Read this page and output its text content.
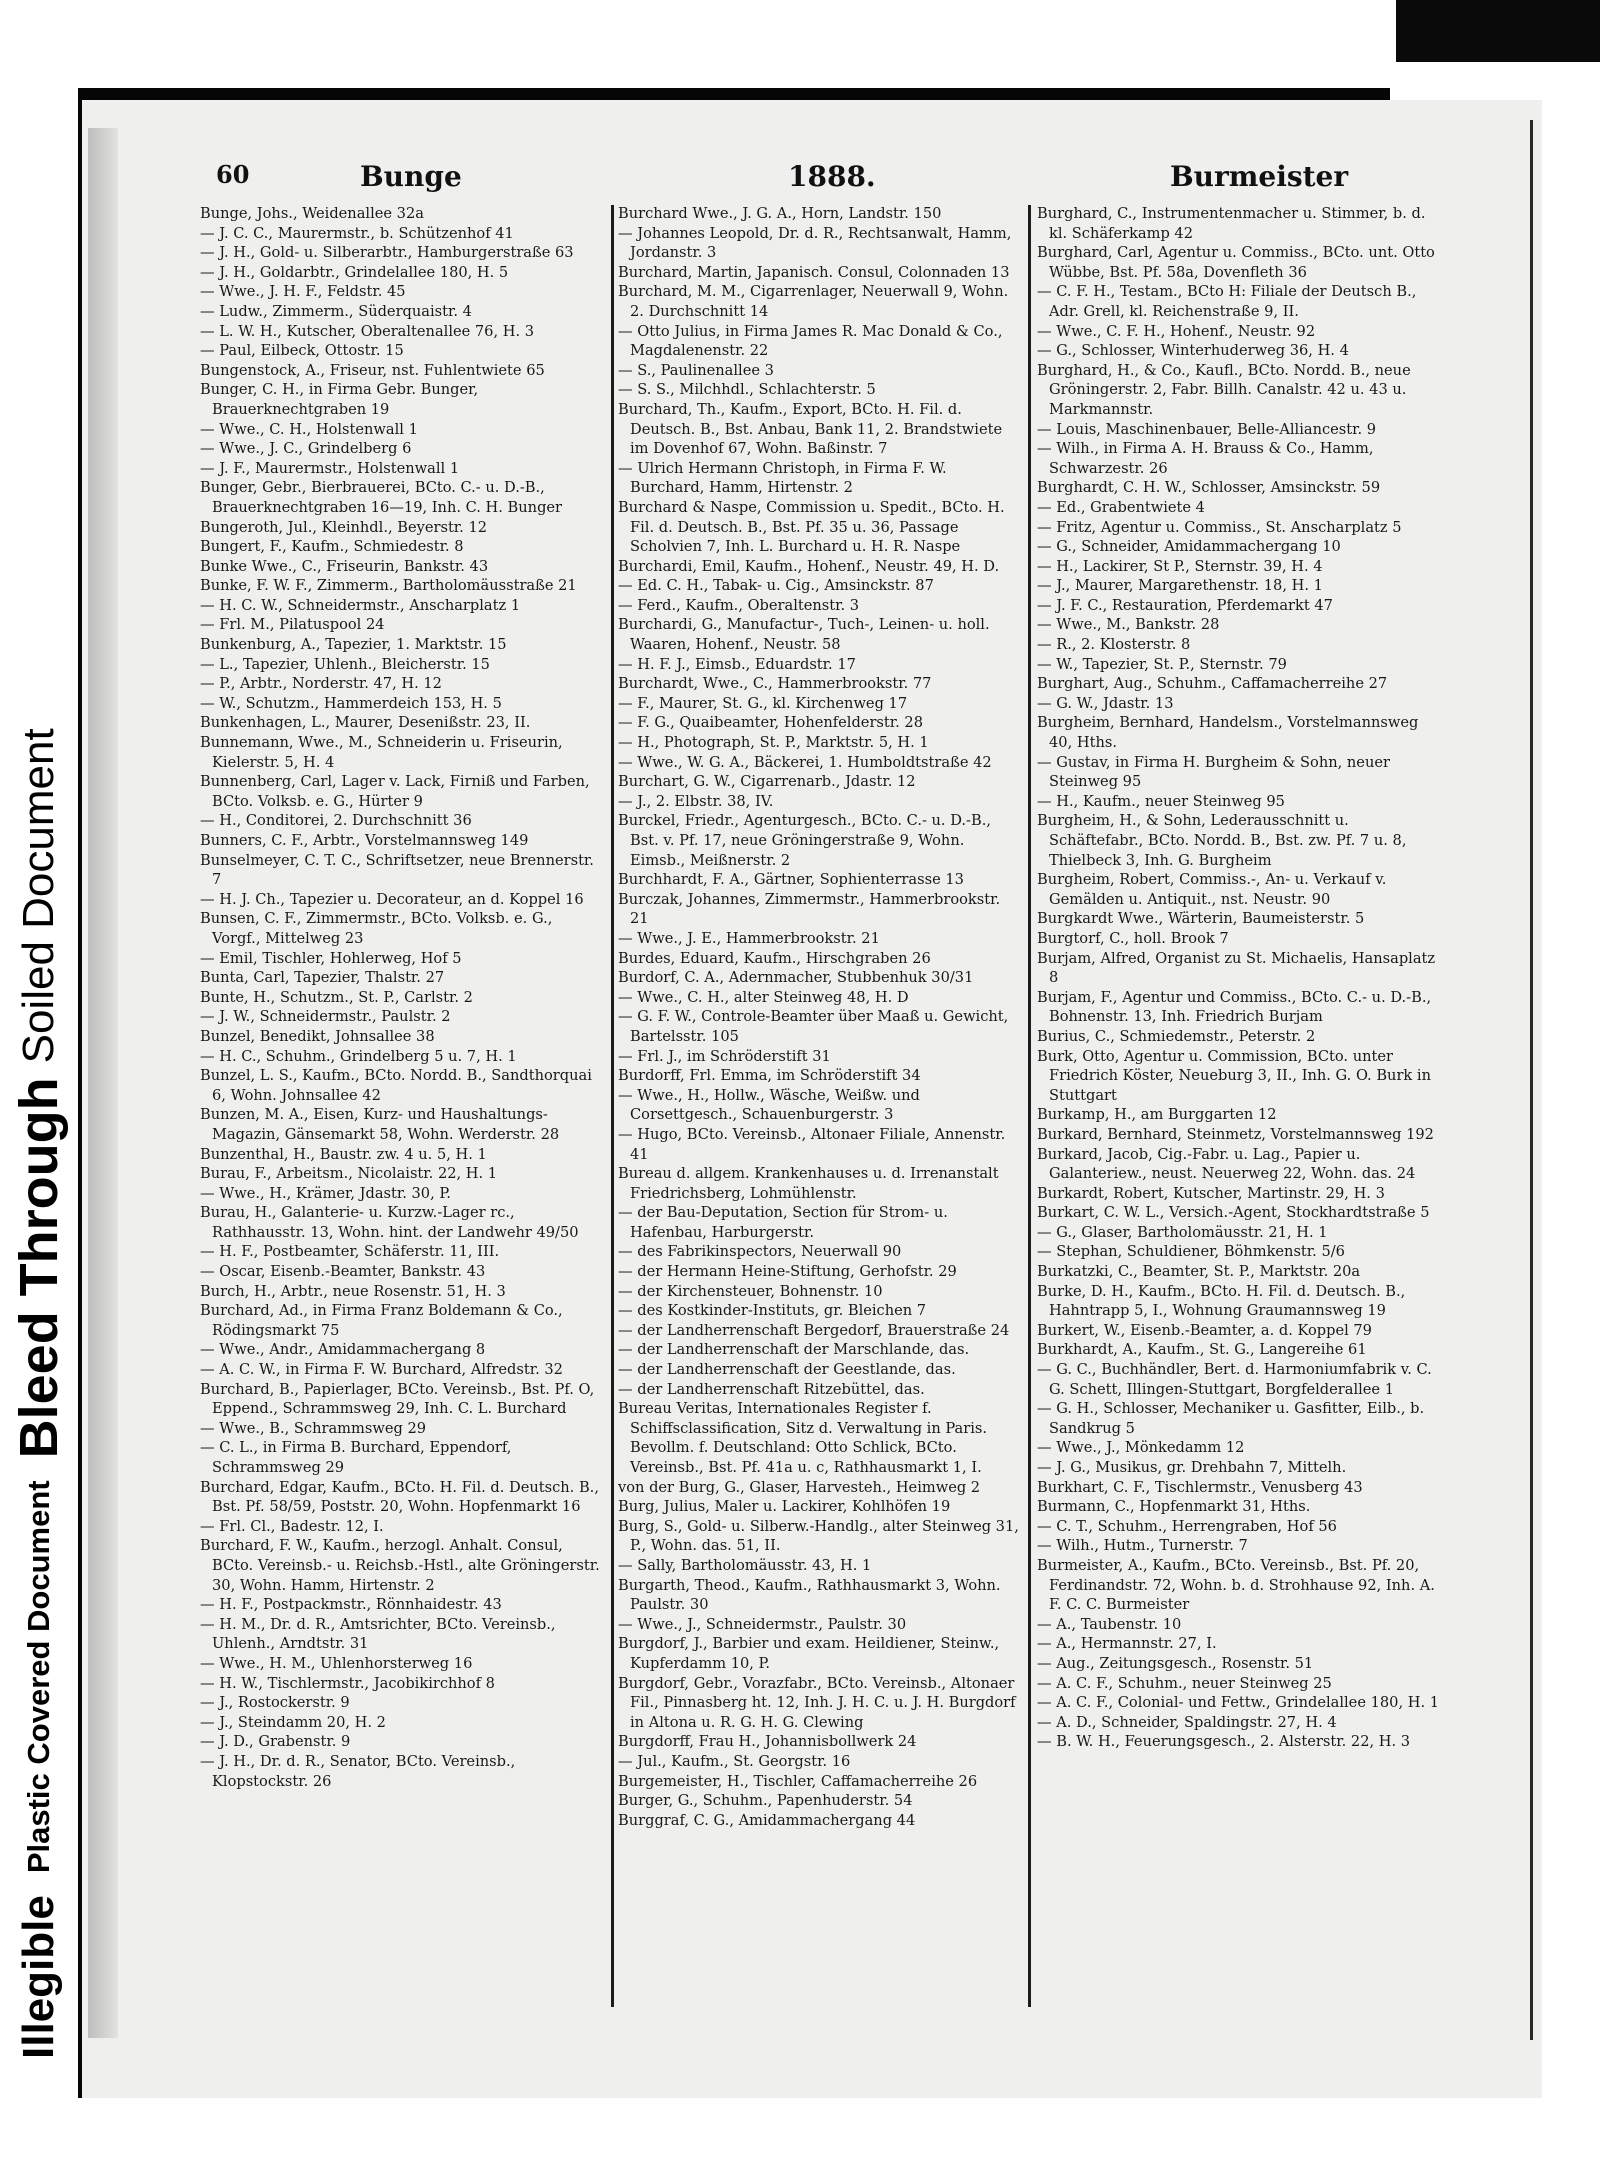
Illegible
Plastic Covered Document
Bleed Through
Soiled Document
60	Bunge	1888.	Burmeister
Bunge, Johs., Weidenallee 32a
— J. C. C., Maurermstr., b. Schützenhof 41
— J. H., Gold- u. Silberarbtr., Hamburgerstraße 63
— J. H., Goldarbtr., Grindelallee 180, H. 5
— Wwe., J. H. F., Feldstr. 45
— Ludw., Zimmerm., Süderquaistr. 4
— L. W. H., Kutscher, Oberaltenallee 76, H. 3
— Paul, Eilbeck, Ottostr. 15
Bungenstock, A., Friseur, nst. Fuhlentwiete 65
Bunger, C. H., in Firma Gebr. Bunger, Brauerknechtgraben 19
— Wwe., C. H., Holstenwall 1
— Wwe., J. C., Grindelberg 6
— J. F., Maurermstr., Holstenwall 1
Bunger, Gebr., Bierbrauerei, BCto. C.- u. D.-B., Brauerknechtgraben 16—19, Inh. C. H. Bunger
Bungeroth, Jul., Kleinhdl., Beyerstr. 12
Bungert, F., Kaufm., Schmiedestr. 8
Bunke Wwe., C., Friseurin, Bankstr. 43
Bunke, F. W. F., Zimmerm., Bartholomäusstraße 21
— H. C. W., Schneidermstr., Anscharplatz 1
— Frl. M., Pilatuspool 24
Bunkenburg, A., Tapezier, 1. Marktstr. 15
— L., Tapezier, Uhlenh., Bleicherstr. 15
— P., Arbtr., Norderstr. 47, H. 12
— W., Schutzm., Hammerdeich 153, H. 5
Bunkenhagen, L., Maurer, Desenißstr. 23, II.
Bunnemann, Wwe., M., Schneiderin u. Friseurin, Kielerstr. 5, H. 4
Bunnenberg, Carl, Lager v. Lack, Firniß und Farben, BCto. Volksb. e. G., Hürter 9
— H., Conditorei, 2. Durchschnitt 36
Bunners, C. F., Arbtr., Vorstelmannsweg 149
Bunselmeyer, C. T. C., Schriftsetzer, neue Brennerstr. 7
— H. J. Ch., Tapezier u. Decorateur, an d. Koppel 16
Bunsen, C. F., Zimmermstr., BCto. Volksb. e. G., Vorgf., Mittelweg 23
— Emil, Tischler, Hohlerweg, Hof 5
Bunta, Carl, Tapezier, Thalstr. 27
Bunte, H., Schutzm., St. P., Carlstr. 2
— J. W., Schneidermstr., Paulstr. 2
Bunzel, Benedikt, Johnsallee 38
— H. C., Schuhm., Grindelberg 5 u. 7, H. 1
Bunzel, L. S., Kaufm., BCto. Nordd. B., Sandthorquai 6, Wohn. Johnsallee 42
Bunzen, M. A., Eisen, Kurz- und Haushaltungs-Magazin, Gänsemarkt 58, Wohn. Werderstr. 28
Bunzenthal, H., Baustr. zw. 4 u. 5, H. 1
Burau, F., Arbeitsm., Nicolaistr. 22, H. 1
— Wwe., H., Krämer, Jdastr. 30, P.
Burau, H., Galanterie- u. Kurzw.-Lager rc., Rathhausstr. 13, Wohn. hint. der Landwehr 49/50
— H. F., Postbeamter, Schäferstr. 11, III.
— Oscar, Eisenb.-Beamter, Bankstr. 43
Burch, H., Arbtr., neue Rosenstr. 51, H. 3
Burchard, Ad., in Firma Franz Boldemann & Co., Rödingsmarkt 75
— Wwe., Andr., Amidammachergang 8
— A. C. W., in Firma F. W. Burchard, Alfredstr. 32
Burchard, B., Papierlager, BCto. Vereinsb., Bst. Pf. O, Eppend., Schrammsweg 29, Inh. C. L. Burchard
— Wwe., B., Schrammsweg 29
— C. L., in Firma B. Burchard, Eppendorf, Schrammsweg 29
Burchard, Edgar, Kaufm., BCto. H. Fil. d. Deutsch. B., Bst. Pf. 58/59, Poststr. 20, Wohn. Hopfenmarkt 16
— Frl. Cl., Badestr. 12, I.
Burchard, F. W., Kaufm., herzogl. Anhalt. Consul, BCto. Vereinsb.- u. Reichsb.-Hstl., alte Gröningerstr. 30, Wohn. Hamm, Hirtenstr. 2
— H. F., Postpackmstr., Rönnhaidestr. 43
— H. M., Dr. d. R., Amtsrichter, BCto. Vereinsb., Uhlenh., Arndtstr. 31
— Wwe., H. M., Uhlenhorsterweg 16
— H. W., Tischlermstr., Jacobikirchhof 8
— J., Rostockerstr. 9
— J., Steindamm 20, H. 2
— J. D., Grabenstr. 9
— J. H., Dr. d. R., Senator, BCto. Vereinsb., Klopstockstr. 26
Burchard Wwe., J. G. A., Horn, Landstr. 150
— Johannes Leopold, Dr. d. R., Rechtsanwalt, Hamm, Jordanstr. 3
Burchard, Martin, Japanisch. Consul, Colonnaden 13
Burchard, M. M., Cigarrenlager, Neuerwall 9, Wohn. 2. Durchschnitt 14
— Otto Julius, in Firma James R. Mac Donald & Co., Magdalenenstr. 22
— S., Paulinenallee 3
— S. S., Milchhdl., Schlachterstr. 5
Burchard, Th., Kaufm., Export, BCto. H. Fil. d. Deutsch. B., Bst. Anbau, Bank 11, 2. Brandstwiete im Dovenhof 67, Wohn. Baßinstr. 7
— Ulrich Hermann Christoph, in Firma F. W. Burchard, Hamm, Hirtenstr. 2
Burchard & Naspe, Commission u. Spedit., BCto. H. Fil. d. Deutsch. B., Bst. Pf. 35 u. 36, Passage Scholvien 7, Inh. L. Burchard u. H. R. Naspe
Burchardi, Emil, Kaufm., Hohenf., Neustr. 49, H. D.
— Ed. C. H., Tabak- u. Cig., Amsinckstr. 87
— Ferd., Kaufm., Oberaltenstr. 3
Burchardi, G., Manufactur-, Tuch-, Leinen- u. holl. Waaren, Hohenf., Neustr. 58
— H. F. J., Eimsb., Eduardstr. 17
Burchardt, Wwe., C., Hammerbrookstr. 77
— F., Maurer, St. G., kl. Kirchenweg 17
— F. G., Quaibeamter, Hohenfelderstr. 28
— H., Photograph, St. P., Marktstr. 5, H. 1
— Wwe., W. G. A., Bäckerei, 1. Humboldtstraße 42
Burchart, G. W., Cigarrenarb., Jdastr. 12
— J., 2. Elbstr. 38, IV.
Burckel, Friedr., Agenturgesch., BCto. C.- u. D.-B., Bst. v. Pf. 17, neue Gröningerstraße 9, Wohn. Eimsb., Meißnerstr. 2
Burchhardt, F. A., Gärtner, Sophienterrasse 13
Burczak, Johannes, Zimmermstr., Hammerbrookstr. 21
— Wwe., J. E., Hammerbrookstr. 21
Burdes, Eduard, Kaufm., Hirschgraben 26
Burdorf, C. A., Adernmacher, Stubbenhuk 30/31
— Wwe., C. H., alter Steinweg 48, H. D
— G. F. W., Controle-Beamter über Maaß u. Gewicht, Bartelsstr. 105
— Frl. J., im Schröderstift 31
Burdorff, Frl. Emma, im Schröderstift 34
— Wwe., H., Hollw., Wäsche, Weißw. und Corsettgesch., Schauenburgerstr. 3
— Hugo, BCto. Vereinsb., Altonaer Filiale, Annenstr. 41
Bureau d. allgem. Krankenhauses u. d. Irrenanstalt Friedrichsberg, Lohmühlenstr.
— der Bau-Deputation, Section für Strom- u. Hafenbau, Harburgerstr.
— des Fabrikinspectors, Neuerwall 90
— der Hermann Heine-Stiftung, Gerhofstr. 29
— der Kirchensteuer, Bohnenstr. 10
— des Kostkinder-Instituts, gr. Bleichen 7
— der Landherrenschaft Bergedorf, Brauerstraße 24
— der Landherrenschaft der Marschlande, das.
— der Landherrenschaft der Geestlande, das.
— der Landherrenschaft Ritzebüttel, das.
Bureau Veritas, Internationales Register f. Schiffsclassification, Sitz d. Verwaltung in Paris. Bevollm. f. Deutschland: Otto Schlick, BCto. Vereinsb., Bst. Pf. 41a u. c, Rathhausmarkt 1, I.
von der Burg, G., Glaser, Harvesteh., Heimweg 2
Burg, Julius, Maler u. Lackirer, Kohlhöfen 19
Burg, S., Gold- u. Silberw.-Handlg., alter Steinweg 31, P., Wohn. das. 51, II.
— Sally, Bartholomäusstr. 43, H. 1
Burgarth, Theod., Kaufm., Rathhausmarkt 3, Wohn. Paulstr. 30
— Wwe., J., Schneidermstr., Paulstr. 30
Burgdorf, J., Barbier und exam. Heildiener, Steinw., Kupferdamm 10, P.
Burgdorf, Gebr., Vorazfabr., BCto. Vereinsb., Altonaer Fil., Pinnasberg ht. 12, Inh. J. H. C. u. J. H. Burgdorf in Altona u. R. G. H. G. Clewing
Burgdorff, Frau H., Johannisbollwerk 24
— Jul., Kaufm., St. Georgstr. 16
Burgemeister, H., Tischler, Caffamacherreihe 26
Burger, G., Schuhm., Papenhuderstr. 54
Burggraf, C. G., Amidammachergang 44
Burghard, C., Instrumentenmacher u. Stimmer, b. d. kl. Schäferkamp 42
Burghard, Carl, Agentur u. Commiss., BCto. unt. Otto Wübbe, Bst. Pf. 58a, Dovenfleth 36
— C. F. H., Testam., BCto H: Filiale der Deutsch B., Adr. Grell, kl. Reichenstraße 9, II.
— Wwe., C. F. H., Hohenf., Neustr. 92
— G., Schlosser, Winterhuderweg 36, H. 4
Burghard, H., & Co., Kaufl., BCto. Nordd. B., neue Gröningerstr. 2, Fabr. Billh. Canalstr. 42 u. 43 u. Markmannstr.
— Louis, Maschinenbauer, Belle-Alliancestr. 9
— Wilh., in Firma A. H. Brauss & Co., Hamm, Schwarzestr. 26
Burghardt, C. H. W., Schlosser, Amsinckstr. 59
— Ed., Grabentwiete 4
— Fritz, Agentur u. Commiss., St. Anscharplatz 5
— G., Schneider, Amidammachergang 10
— H., Lackirer, St P., Sternstr. 39, H. 4
— J., Maurer, Margarethenstr. 18, H. 1
— J. F. C., Restauration, Pferdemarkt 47
— Wwe., M., Bankstr. 28
— R., 2. Klosterstr. 8
— W., Tapezier, St. P., Sternstr. 79
Burghart, Aug., Schuhm., Caffamacherreihe 27
— G. W., Jdastr. 13
Burgheim, Bernhard, Handelsm., Vorstelmannsweg 40, Hths.
— Gustav, in Firma H. Burgheim & Sohn, neuer Steinweg 95
— H., Kaufm., neuer Steinweg 95
Burgheim, H., & Sohn, Lederausschnitt u. Schäftefabr., BCto. Nordd. B., Bst. zw. Pf. 7 u. 8, Thielbeck 3, Inh. G. Burgheim
Burgheim, Robert, Commiss.-, An- u. Verkauf v. Gemälden u. Antiquit., nst. Neustr. 90
Burgkardt Wwe., Wärterin, Baumeisterstr. 5
Burgtorf, C., holl. Brook 7
Burjam, Alfred, Organist zu St. Michaelis, Hansaplatz 8
Burjam, F., Agentur und Commiss., BCto. C.- u. D.-B., Bohnenstr. 13, Inh. Friedrich Burjam
Burius, C., Schmiedemstr., Peterstr. 2
Burk, Otto, Agentur u. Commission, BCto. unter Friedrich Köster, Neueburg 3, II., Inh. G. O. Burk in Stuttgart
Burkamp, H., am Burggarten 12
Burkard, Bernhard, Steinmetz, Vorstelmannsweg 192
Burkard, Jacob, Cig.-Fabr. u. Lag., Papier u. Galanteriew., neust. Neuerweg 22, Wohn. das. 24
Burkardt, Robert, Kutscher, Martinstr. 29, H. 3
Burkart, C. W. L., Versich.-Agent, Stockhardtstraße 5
— G., Glaser, Bartholomäusstr. 21, H. 1
— Stephan, Schuldiener, Böhmkenstr. 5/6
Burkatzki, C., Beamter, St. P., Marktstr. 20a
Burke, D. H., Kaufm., BCto. H. Fil. d. Deutsch. B., Hahntrapp 5, I., Wohnung Graumannsweg 19
Burkert, W., Eisenb.-Beamter, a. d. Koppel 79
Burkhardt, A., Kaufm., St. G., Langereihe 61
— G. C., Buchhändler, Bert. d. Harmoniumfabrik v. C. G. Schett, Illingen-Stuttgart, Borgfelderallee 1
— G. H., Schlosser, Mechaniker u. Gasfitter, Eilb., b. Sandkrug 5
— Wwe., J., Mönkedamm 12
— J. G., Musikus, gr. Drehbahn 7, Mittelh.
Burkhart, C. F., Tischlermstr., Venusberg 43
Burmann, C., Hopfenmarkt 31, Hths.
— C. T., Schuhm., Herrengraben, Hof 56
— Wilh., Hutm., Turnerstr. 7
Burmeister, A., Kaufm., BCto. Vereinsb., Bst. Pf. 20, Ferdinandstr. 72, Wohn. b. d. Strohhause 92, Inh. A. F. C. C. Burmeister
— A., Taubenstr. 10
— A., Hermannstr. 27, I.
— Aug., Zeitungsgesch., Rosenstr. 51
— A. C. F., Schuhm., neuer Steinweg 25
— A. C. F., Colonial- und Fettw., Grindelallee 180, H. 1
— A. D., Schneider, Spaldingstr. 27, H. 4
— B. W. H., Feuerungsgesch., 2. Alsterstr. 22, H. 3
